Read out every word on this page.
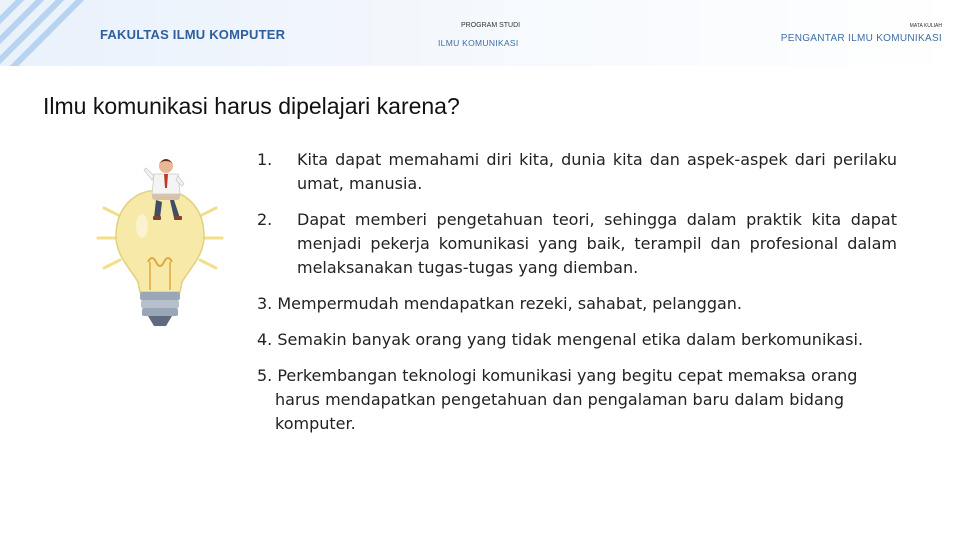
FAKULTAS ILMU KOMPUTER
PROGRAM STUDI
ILMU KOMUNIKASI
MATA KULIAH
PENGANTAR ILMU KOMUNIKASI
Ilmu komunikasi harus dipelajari karena?
1. Kita dapat memahami diri kita, dunia kita dan aspek-aspek dari perilaku umat, manusia.
2. Dapat memberi pengetahuan teori, sehingga dalam praktik kita dapat menjadi pekerja komunikasi yang baik, terampil dan profesional dalam melaksanakan tugas-tugas yang diemban.
3. Mempermudah mendapatkan rezeki, sahabat, pelanggan.
4. Semakin banyak orang yang tidak mengenal etika dalam berkomunikasi.
5. Perkembangan teknologi komunikasi yang begitu cepat memaksa orang harus mendapatkan pengetahuan dan pengalaman baru dalam bidang komputer.
